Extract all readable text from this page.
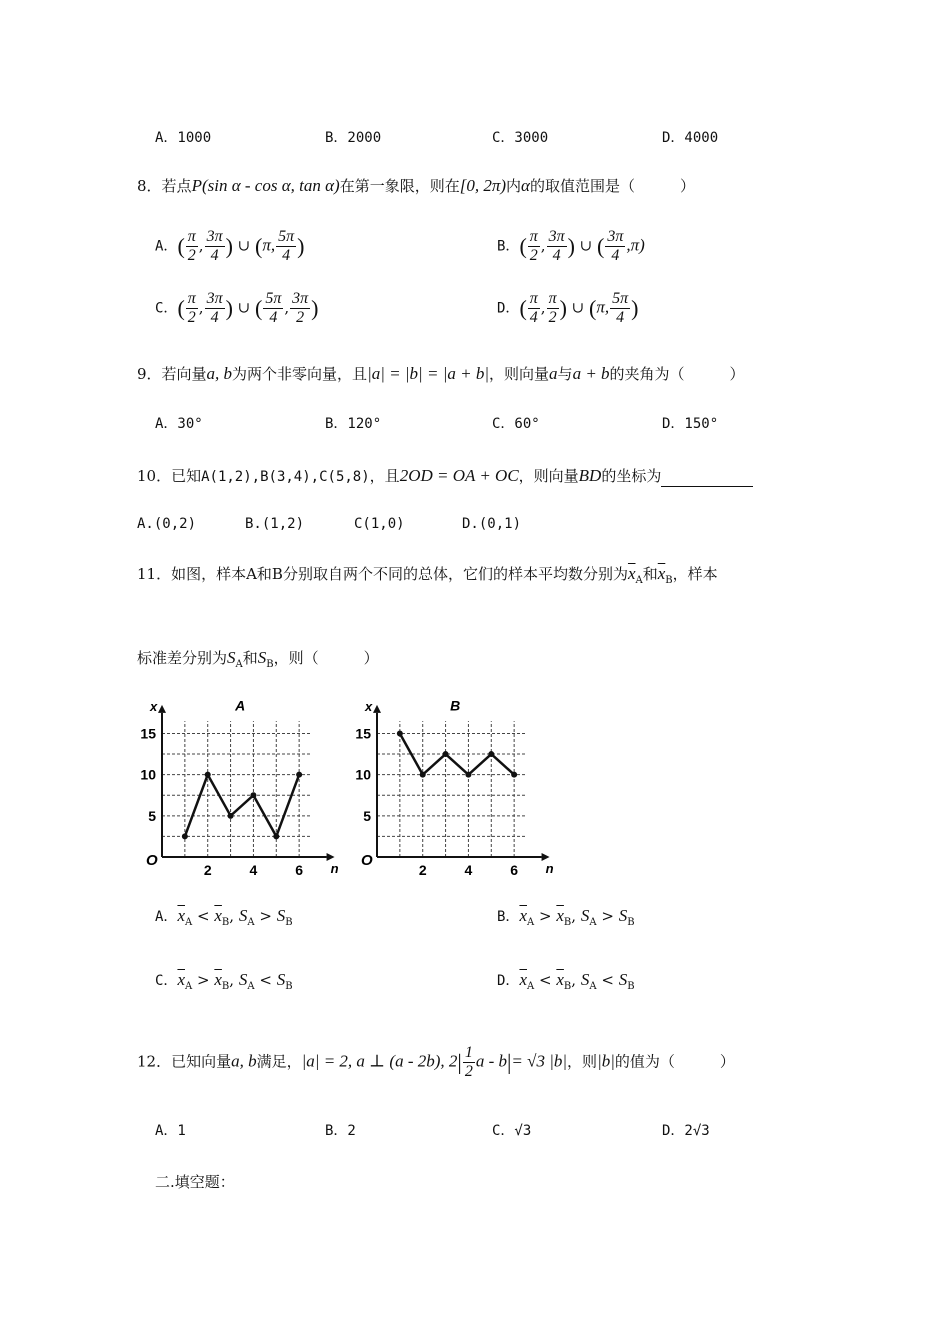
A．1000	B．2000	C．3000	D．4000
8．若点P(sin α - cos α, tan α)在第一象限，则在[0, 2π)内α的取值范围是（　　　）
A．( $\frac{\pi}{2}$ , $\frac{3\pi}{4}$ ) ∪ (π, $\frac{5\pi}{4}$ )	B．( $\frac{\pi}{2}$ , $\frac{3\pi}{4}$ ) ∪ ( $\frac{3\pi}{4} ,\pi$)
C．( $\frac{\pi}{2}$ , $\frac{3\pi}{4}$ ) ∪ ( $\frac{5\pi}{4}$ , $\frac{3\pi}{2}$ )	D．( $\frac{\pi}{4}$ , $\frac{\pi}{2}$ ) ∪ (π, $\frac{5\pi}{4}$ )
9．若向量a, b为两个非零向量，且|a| = |b| = |a + b|，则向量a与a + b的夹角为（　　　）
A．30°	B．120°	C．60°	D．150°
10．已知A(1,2),B(3,4),C(5,8)，且2OD = OA + OC，则向量BD的坐标为
A.(0,2)	B.(1,2)	C(1,0)	D.(0,1)
11．如图，样本A和B分别取自两个不同的总体，它们的样本平均数分别为$\overline{x}_A$和$\overline{x}_B$，样本
标准差分别为$S_A$和$S_B$，则（　　　）
x
n
O
A
2	4	6
5
10
15
x
n
O
B
2	4	6
5
10
15
A．$\overline{x}_A < \overline{x}_B$, $S_A > S_B$	B．$\overline{x}_A > \overline{x}_B$, $S_A > S_B$
C．$\overline{x}_A > \overline{x}_B$, $S_A < S_B$	D．$\overline{x}_A < \overline{x}_B$, $S_A < S_B$
12．已知向量a, b满足，|a| = 2, a ⊥ (a - 2b), $2| \frac{1}{2}$ a - b|= √3 |b|，则|b|的值为（　　　）
A．1	B．2	C．√3	D．2√3
二.填空题：
